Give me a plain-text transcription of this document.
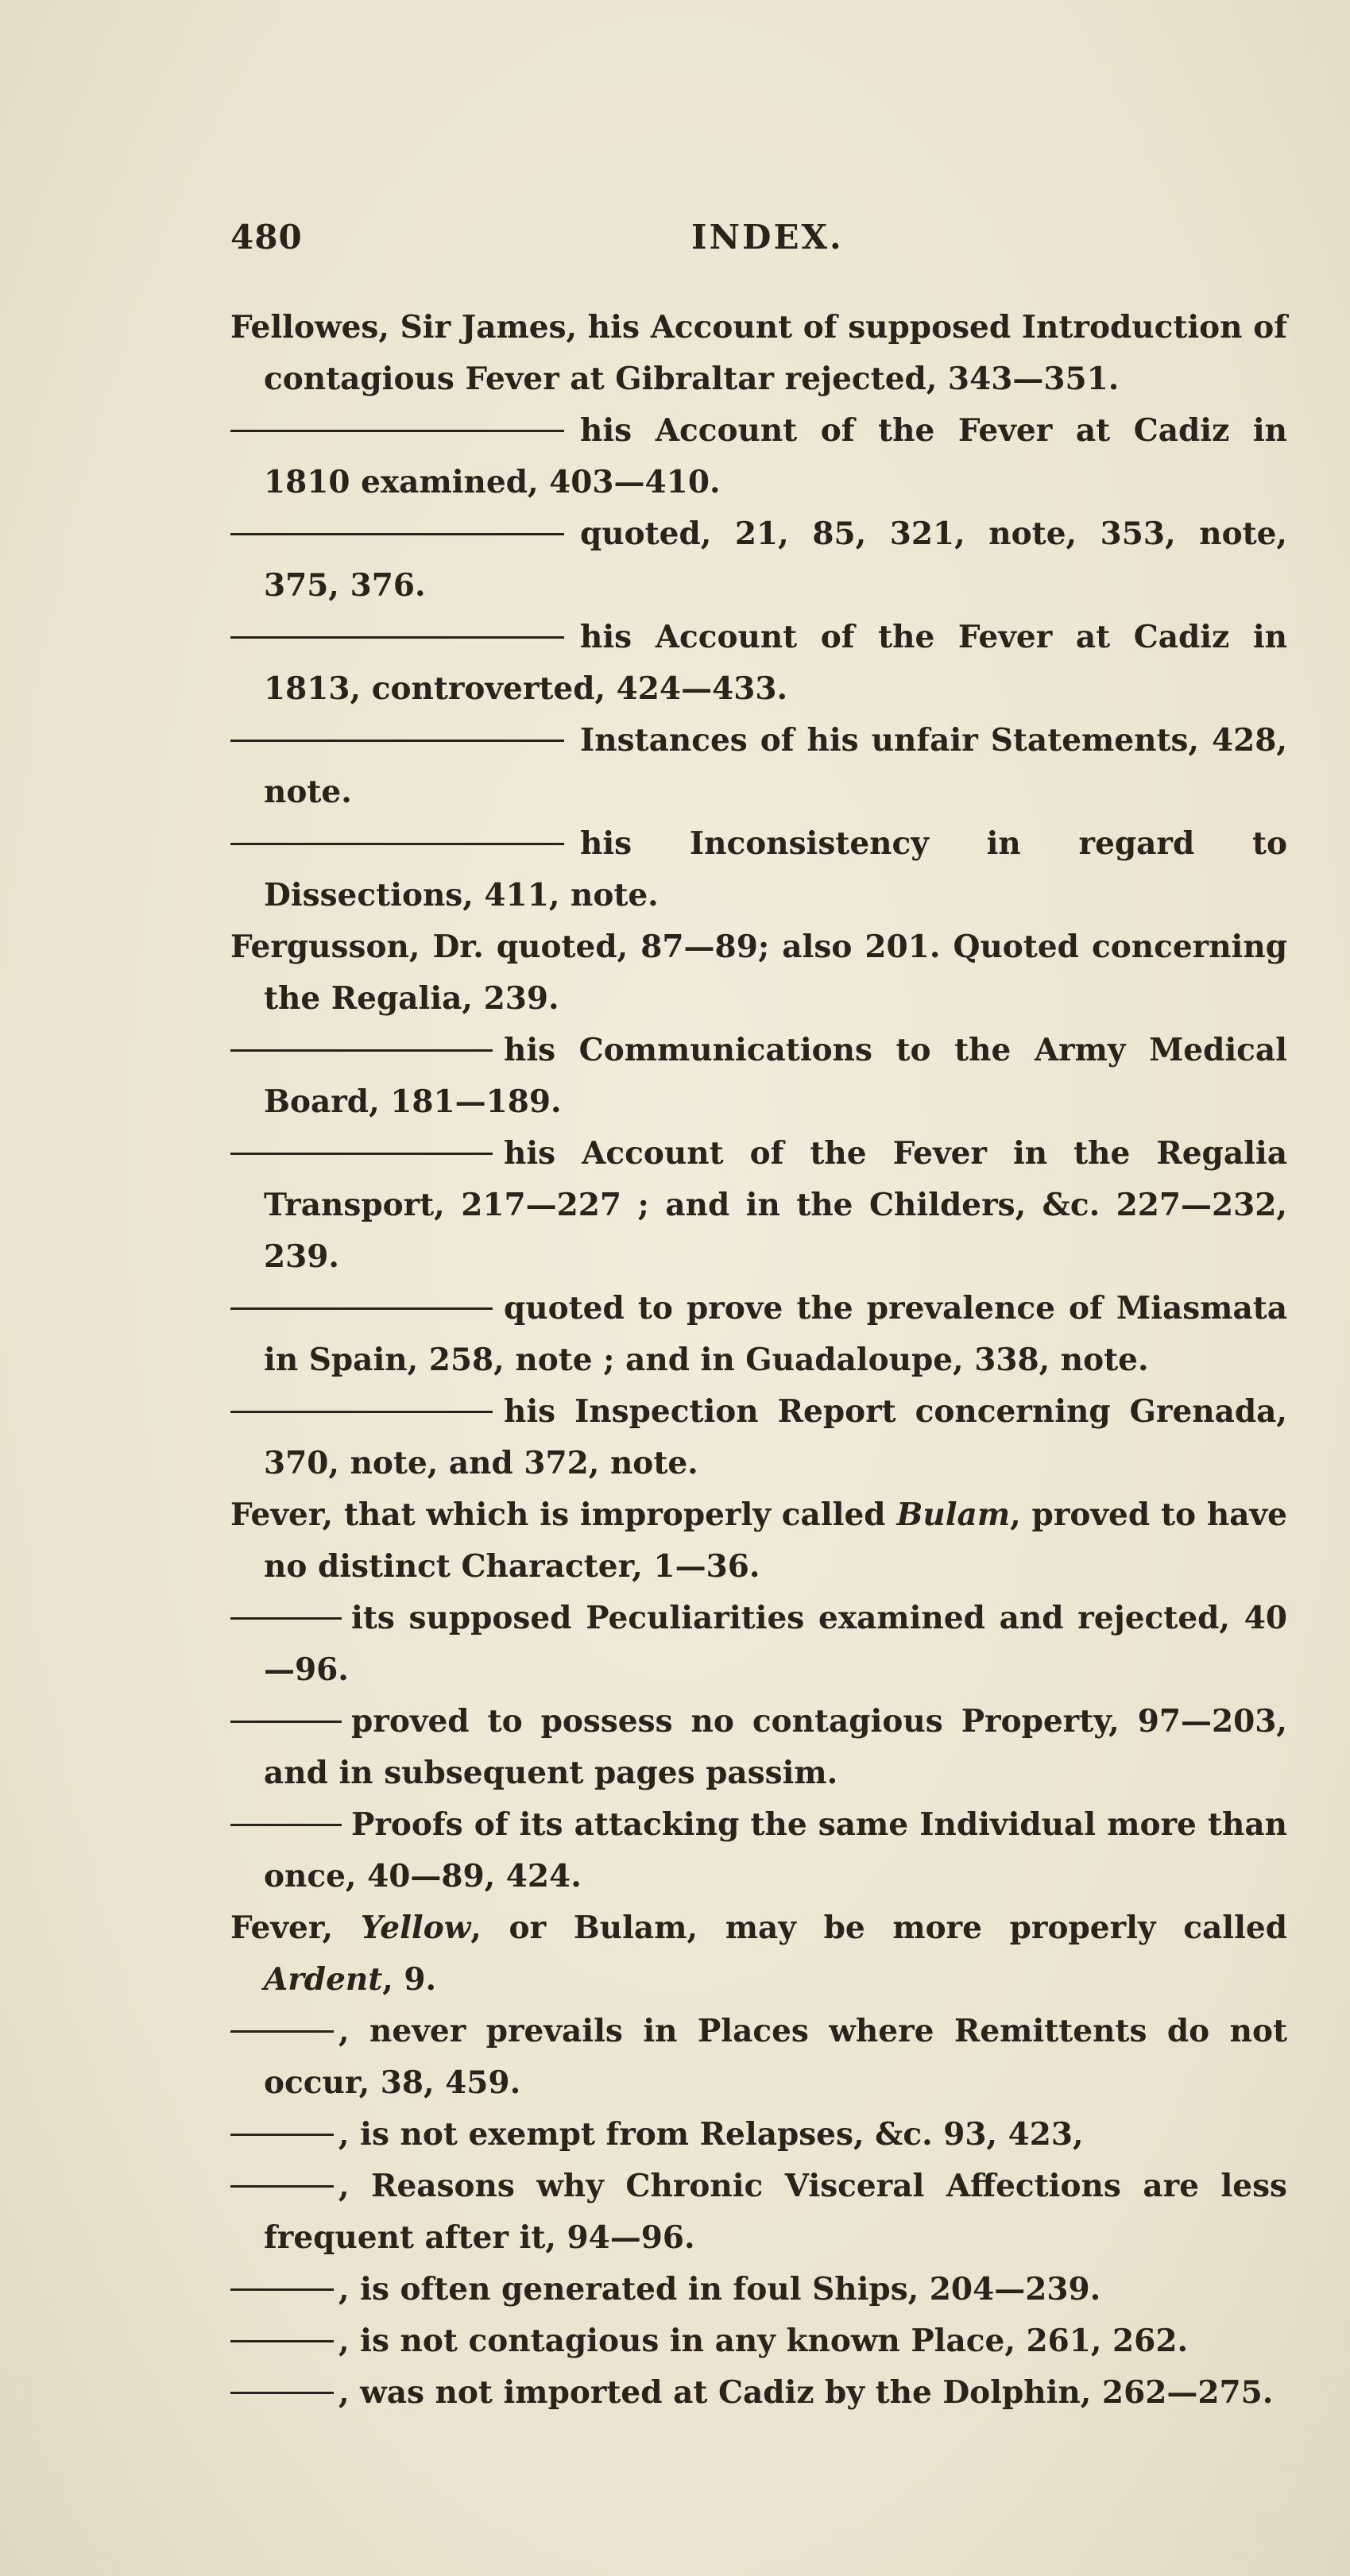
480	INDEX.

Fellowes, Sir James, his Account of supposed Introduction of contagious Fever at Gibraltar rejected, 343—351.

his Account of the Fever at Cadiz in 1810 examined, 403—410.

quoted, 21, 85, 321, note, 353, note, 375, 376.

his Account of the Fever at Cadiz in 1813, controverted, 424—433.

Instances of his unfair Statements, 428, note.

his Inconsistency in regard to Dissections, 411, note.

Fergusson, Dr. quoted, 87—89; also 201. Quoted concerning the Regalia, 239.

his Communications to the Army Medical Board, 181—189.

his Account of the Fever in the Regalia Transport, 217—227 ; and in the Childers, &c. 227—232, 239.

quoted to prove the prevalence of Miasmata in Spain, 258, note ; and in Guadaloupe, 338, note.

his Inspection Report concerning Grenada, 370, note, and 372, note.

Fever, that which is improperly called Bulam, proved to have no distinct Character, 1—36.

its supposed Peculiarities examined and rejected, 40—96.

proved to possess no contagious Property, 97—203, and in subsequent pages passim.

Proofs of its attacking the same Individual more than once, 40—89, 424.

Fever, Yellow, or Bulam, may be more properly called Ardent, 9.

, never prevails in Places where Remittents do not occur, 38, 459.

, is not exempt from Relapses, &c. 93, 423,

, Reasons why Chronic Visceral Affections are less frequent after it, 94—96.

, is often generated in foul Ships, 204—239.

, is not contagious in any known Place, 261, 262.

, was not imported at Cadiz by the Dolphin, 262—275.
